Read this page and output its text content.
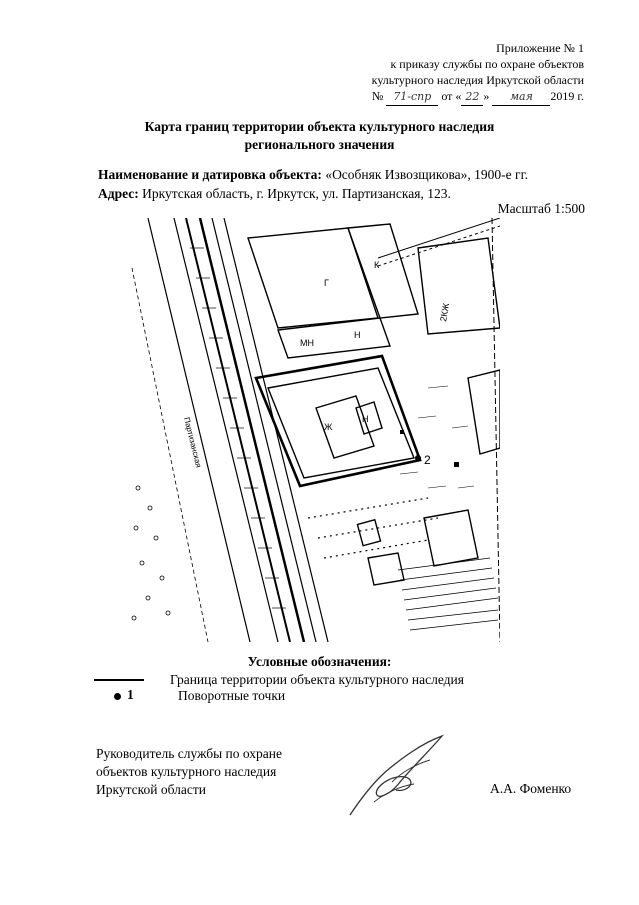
Приложение № 1
к приказу службы по охране объектов
культурного наследия Иркутской области
№ 71-спр от « 22 » мая 2019 г.
Карта границ территории объекта культурного наследия
регионального значения
Наименование и датировка объекта: «Особняк Извозщикова», 1900-е гг.
Адрес: Иркутская область, г. Иркутск, ул. Партизанская, 123.
Масштаб 1:500
2
Ж
Н
МН
Г
К
Н
2КЖ
Партизанская
Условные обозначения:
Граница территории объекта культурного наследия
1	Поворотные точки
Руководитель службы по охране
объектов культурного наследия
Иркутской области	А.А. Фоменко
